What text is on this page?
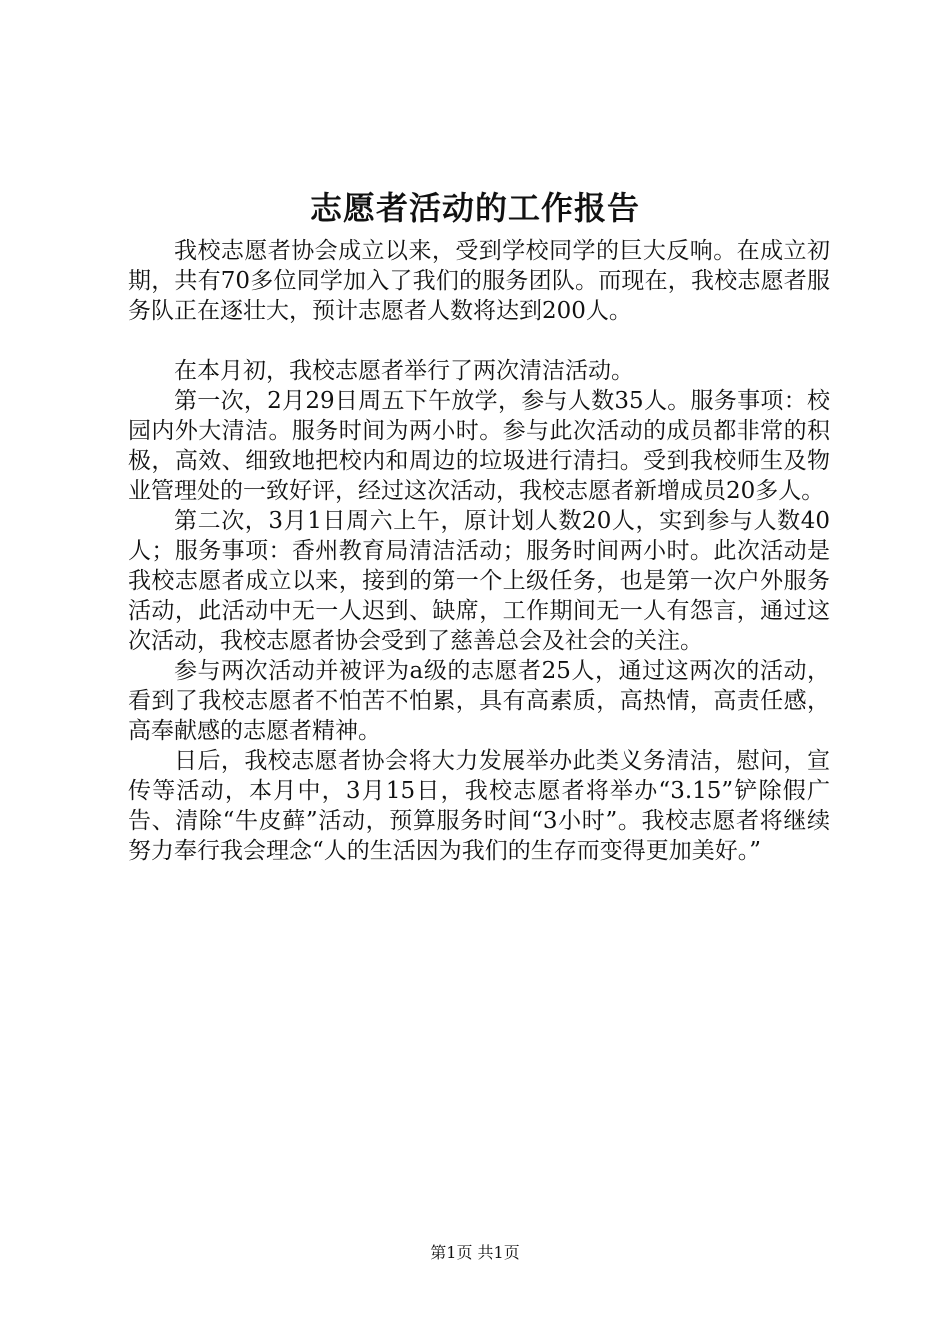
志愿者活动的工作报告

我校志愿者协会成立以来，受到学校同学的巨大反响。在成立初期，共有70多位同学加入了我们的服务团队。而现在，我校志愿者服务队正在逐壮大，预计志愿者人数将达到200人。

在本月初，我校志愿者举行了两次清洁活动。

第一次，2月29日周五下午放学，参与人数35人。服务事项：校园内外大清洁。服务时间为两小时。参与此次活动的成员都非常的积极，高效、细致地把校内和周边的垃圾进行清扫。受到我校师生及物业管理处的一致好评，经过这次活动，我校志愿者新增成员20多人。

第二次，3月1日周六上午，原计划人数20人，实到参与人数40人；服务事项：香州教育局清洁活动；服务时间两小时。此次活动是我校志愿者成立以来，接到的第一个上级任务，也是第一次户外服务活动，此活动中无一人迟到、缺席，工作期间无一人有怨言，通过这次活动，我校志愿者协会受到了慈善总会及社会的关注。

参与两次活动并被评为a级的志愿者25人，通过这两次的活动，看到了我校志愿者不怕苦不怕累，具有高素质，高热情，高责任感，高奉献感的志愿者精神。

日后，我校志愿者协会将大力发展举办此类义务清洁，慰问，宣传等活动，本月中，3月15日，我校志愿者将举办“3.15”铲除假广告、清除“牛皮藓”活动，预算服务时间“3小时”。我校志愿者将继续努力奉行我会理念“人的生活因为我们的生存而变得更加美好。”

第1页 共1页
